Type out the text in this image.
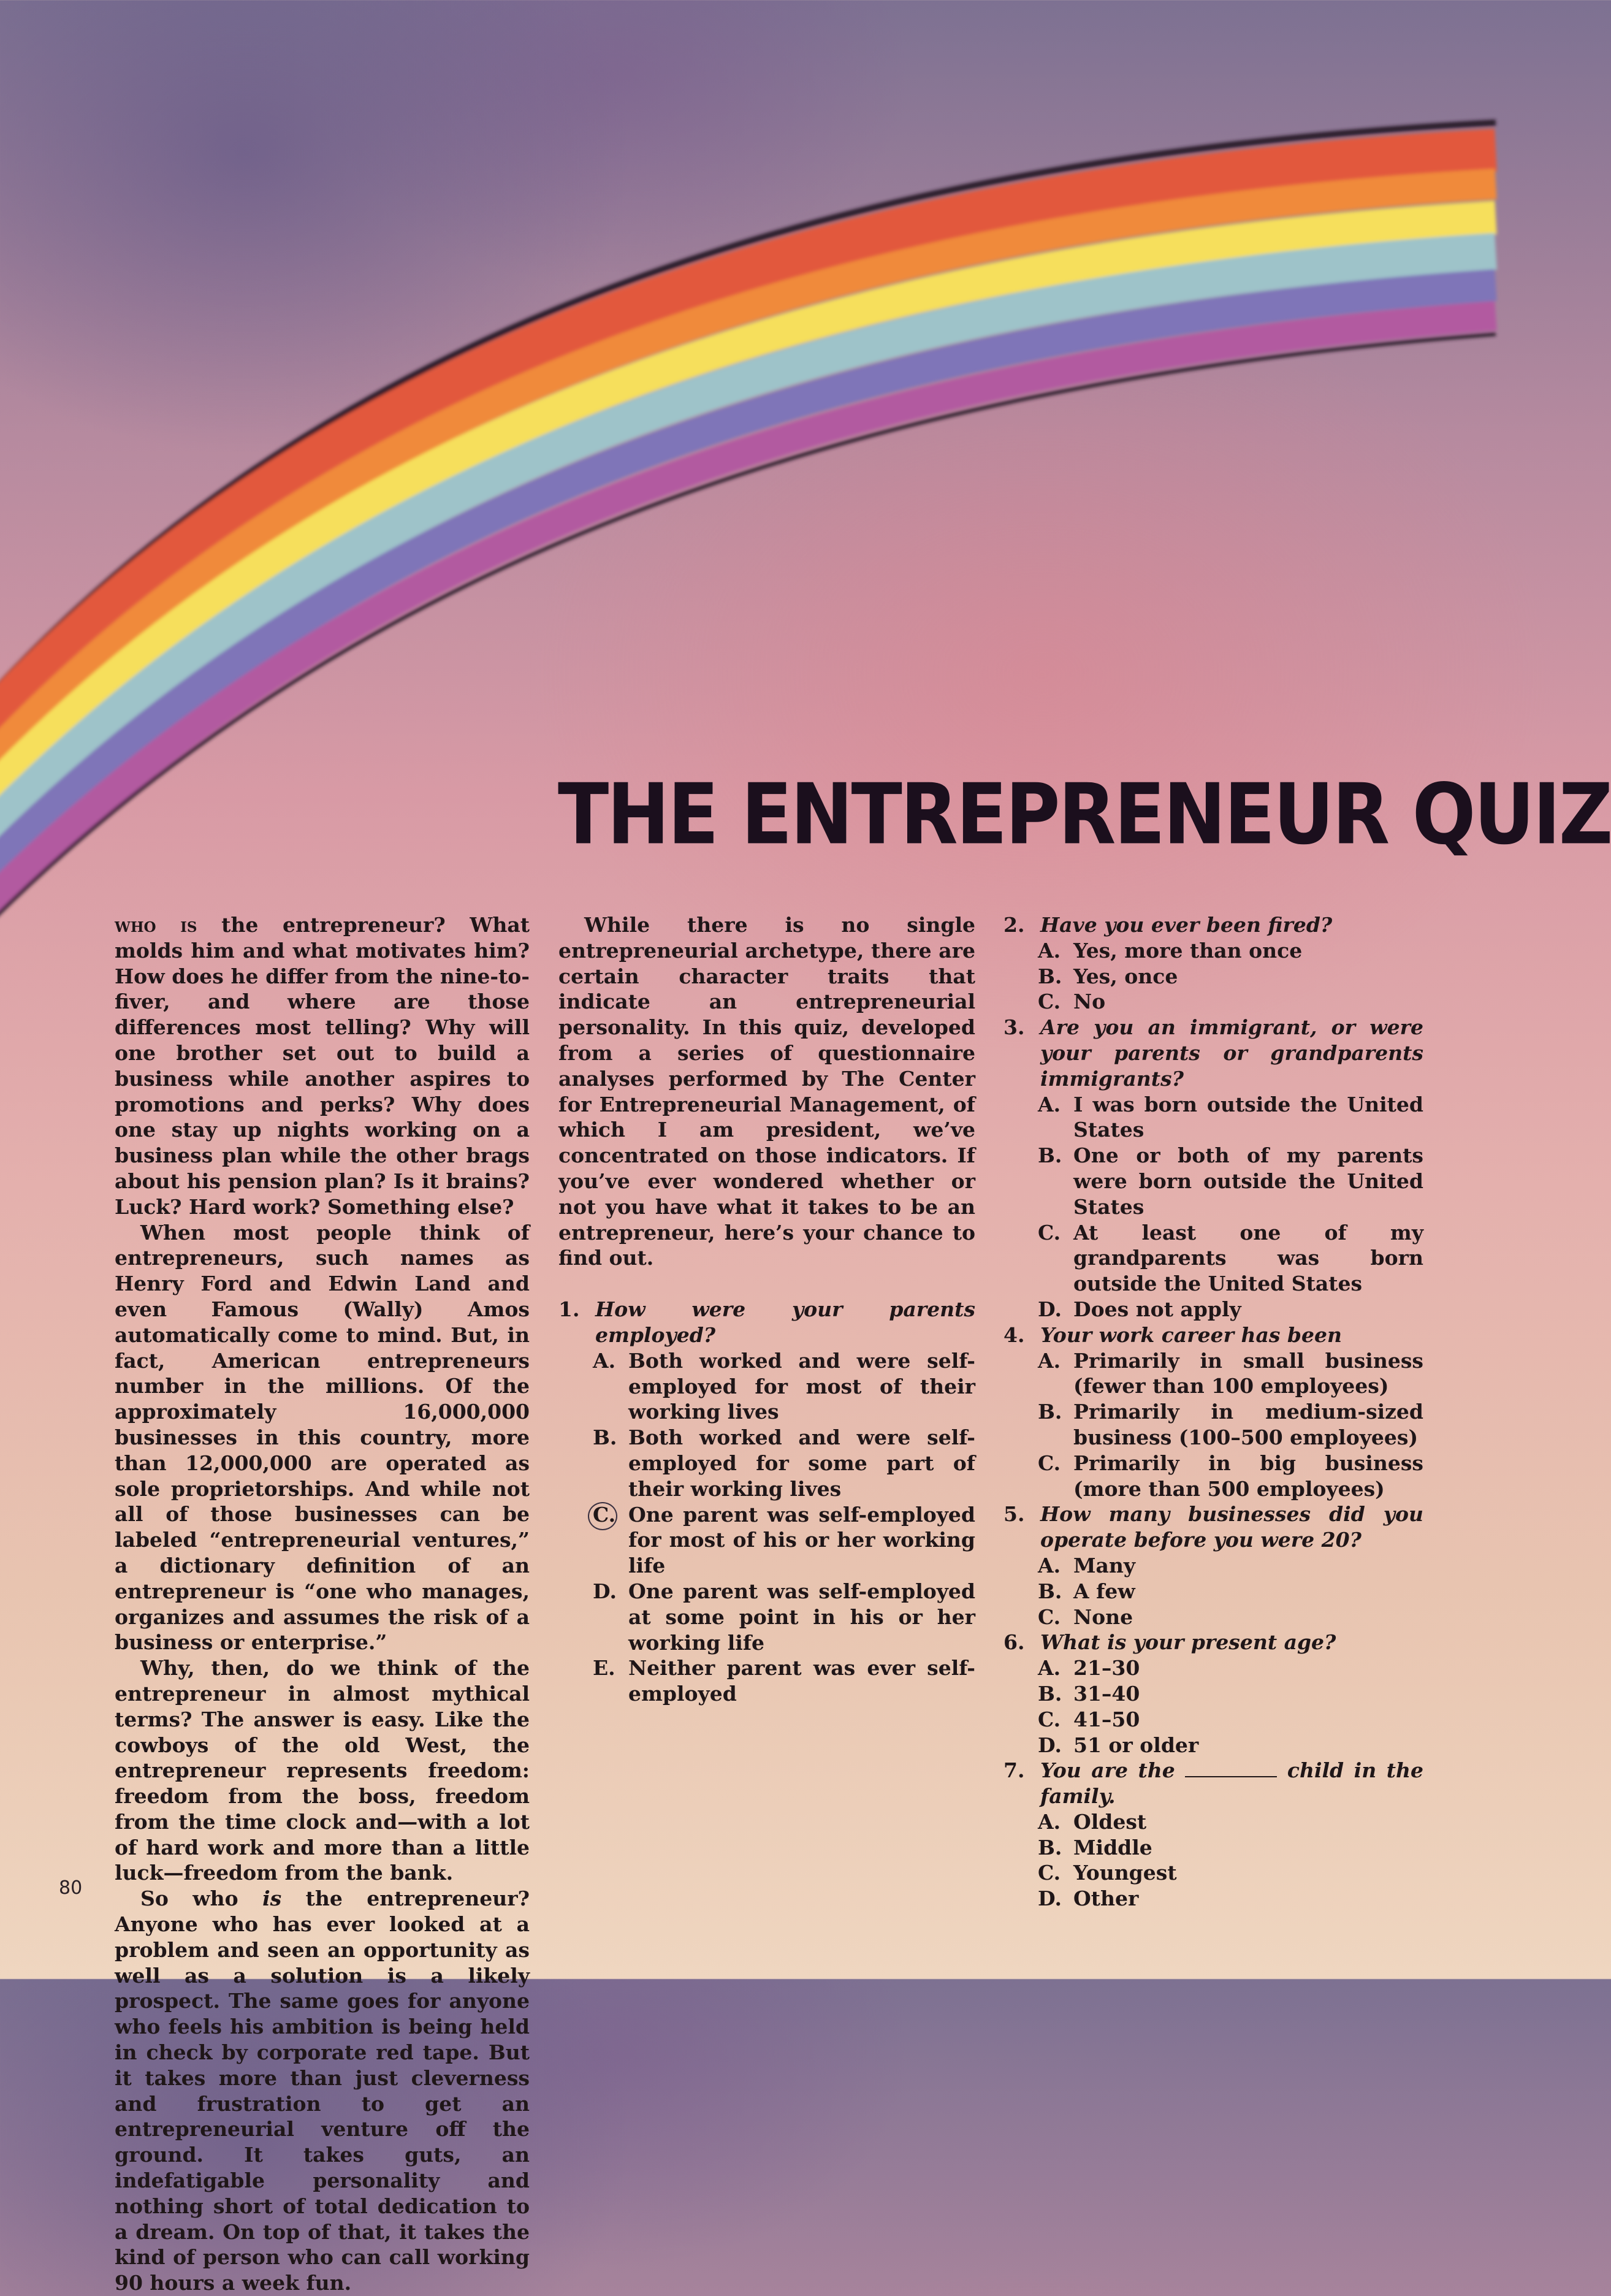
THE ENTREPRENEUR QUIZ

who is the entrepreneur? What molds him and what motivates him? How does he differ from the nine-to-fiver, and where are those differences most telling? Why will one brother set out to build a business while another aspires to promotions and perks? Why does one stay up nights working on a business plan while the other brags about his pension plan? Is it brains? Luck? Hard work? Something else?

When most people think of entrepreneurs, such names as Henry Ford and Edwin Land and even Famous (Wally) Amos automatically come to mind. But, in fact, American entrepreneurs number in the millions. Of the approximately 16,000,000 businesses in this country, more than 12,000,000 are operated as sole proprietorships. And while not all of those businesses can be labeled “entrepreneurial ventures,” a dictionary definition of an entrepreneur is “one who manages, organizes and assumes the risk of a business or enterprise.”

Why, then, do we think of the entrepreneur in almost mythical terms? The answer is easy. Like the cowboys of the old West, the entrepreneur represents freedom: freedom from the boss, freedom from the time clock and—with a lot of hard work and more than a little luck—freedom from the bank.

So who is the entrepreneur? Anyone who has ever looked at a problem and seen an opportunity as well as a solution is a likely prospect. The same goes for anyone who feels his ambition is being held in check by corporate red tape. But it takes more than just cleverness and frustration to get an entrepreneurial venture off the ground. It takes guts, an indefatigable personality and nothing short of total dedication to a dream. On top of that, it takes the kind of person who can call working 90 hours a week fun.

While there is no single entrepreneurial archetype, there are certain character traits that indicate an entrepreneurial personality. In this quiz, developed from a series of questionnaire analyses performed by The Center for Entrepreneurial Management, of which I am president, we’ve concentrated on those indicators. If you’ve ever wondered whether or not you have what it takes to be an entrepreneur, here’s your chance to find out.

1. How were your parents employed?
A. Both worked and were self-employed for most of their working lives
B. Both worked and were self-employed for some part of their working lives
C. One parent was self-employed for most of his or her working life
D. One parent was self-employed at some point in his or her working life
E. Neither parent was ever self-employed
2. Have you ever been fired?
A. Yes, more than once
B. Yes, once
C. No
3. Are you an immigrant, or were your parents or grandparents immigrants?
A. I was born outside the United States
B. One or both of my parents were born outside the United States
C. At least one of my grandparents was born outside the United States
D. Does not apply
4. Your work career has been
A. Primarily in small business (fewer than 100 employees)
B. Primarily in medium-sized business (100–500 employees)
C. Primarily in big business (more than 500 employees)
5. How many businesses did you operate before you were 20?
A. Many
B. A few
C. None
6. What is your present age?
A. 21–30
B. 31–40
C. 41–50
D. 51 or older
7. You are the	child in the family.
A. Oldest
B. Middle
C. Youngest
D. Other
80
